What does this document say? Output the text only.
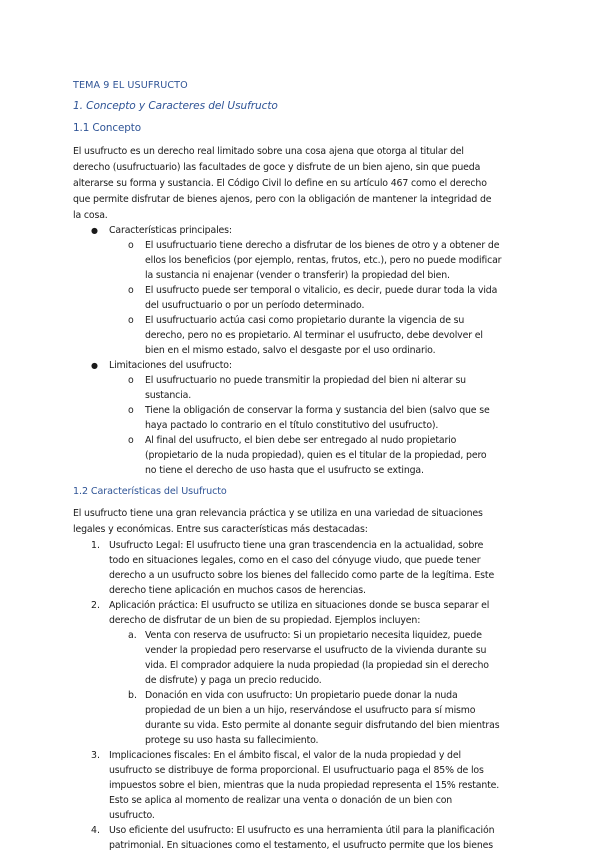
TEMA 9 EL USUFRUCTO
1. Concepto y Caracteres del Usufructo
1.1 Concepto
El usufructo es un derecho real limitado sobre una cosa ajena que otorga al titular del
derecho (usufructuario) las facultades de goce y disfrute de un bien ajeno, sin que pueda
alterarse su forma y sustancia. El Código Civil lo define en su artículo 467 como el derecho
que permite disfrutar de bienes ajenos, pero con la obligación de mantener la integridad de
la cosa.
● Características principales:
o El usufructuario tiene derecho a disfrutar de los bienes de otro y a obtener de
ellos los beneficios (por ejemplo, rentas, frutos, etc.), pero no puede modificar
la sustancia ni enajenar (vender o transferir) la propiedad del bien.
o El usufructo puede ser temporal o vitalicio, es decir, puede durar toda la vida
del usufructuario o por un período determinado.
o El usufructuario actúa casi como propietario durante la vigencia de su
derecho, pero no es propietario. Al terminar el usufructo, debe devolver el
bien en el mismo estado, salvo el desgaste por el uso ordinario.
● Limitaciones del usufructo:
o El usufructuario no puede transmitir la propiedad del bien ni alterar su
sustancia.
o Tiene la obligación de conservar la forma y sustancia del bien (salvo que se
haya pactado lo contrario en el título constitutivo del usufructo).
o Al final del usufructo, el bien debe ser entregado al nudo propietario
(propietario de la nuda propiedad), quien es el titular de la propiedad, pero
no tiene el derecho de uso hasta que el usufructo se extinga.
1.2 Características del Usufructo
El usufructo tiene una gran relevancia práctica y se utiliza en una variedad de situaciones
legales y económicas. Entre sus características más destacadas:
1. Usufructo Legal: El usufructo tiene una gran trascendencia en la actualidad, sobre
todo en situaciones legales, como en el caso del cónyuge viudo, que puede tener
derecho a un usufructo sobre los bienes del fallecido como parte de la legítima. Este
derecho tiene aplicación en muchos casos de herencias.
2. Aplicación práctica: El usufructo se utiliza en situaciones donde se busca separar el
derecho de disfrutar de un bien de su propiedad. Ejemplos incluyen:
a. Venta con reserva de usufructo: Si un propietario necesita liquidez, puede
vender la propiedad pero reservarse el usufructo de la vivienda durante su
vida. El comprador adquiere la nuda propiedad (la propiedad sin el derecho
de disfrute) y paga un precio reducido.
b. Donación en vida con usufructo: Un propietario puede donar la nuda
propiedad de un bien a un hijo, reservándose el usufructo para sí mismo
durante su vida. Esto permite al donante seguir disfrutando del bien mientras
protege su uso hasta su fallecimiento.
3. Implicaciones fiscales: En el ámbito fiscal, el valor de la nuda propiedad y del
usufructo se distribuye de forma proporcional. El usufructuario paga el 85% de los
impuestos sobre el bien, mientras que la nuda propiedad representa el 15% restante.
Esto se aplica al momento de realizar una venta o donación de un bien con
usufructo.
4. Uso eficiente del usufructo: El usufructo es una herramienta útil para la planificación
patrimonial. En situaciones como el testamento, el usufructo permite que los bienes
